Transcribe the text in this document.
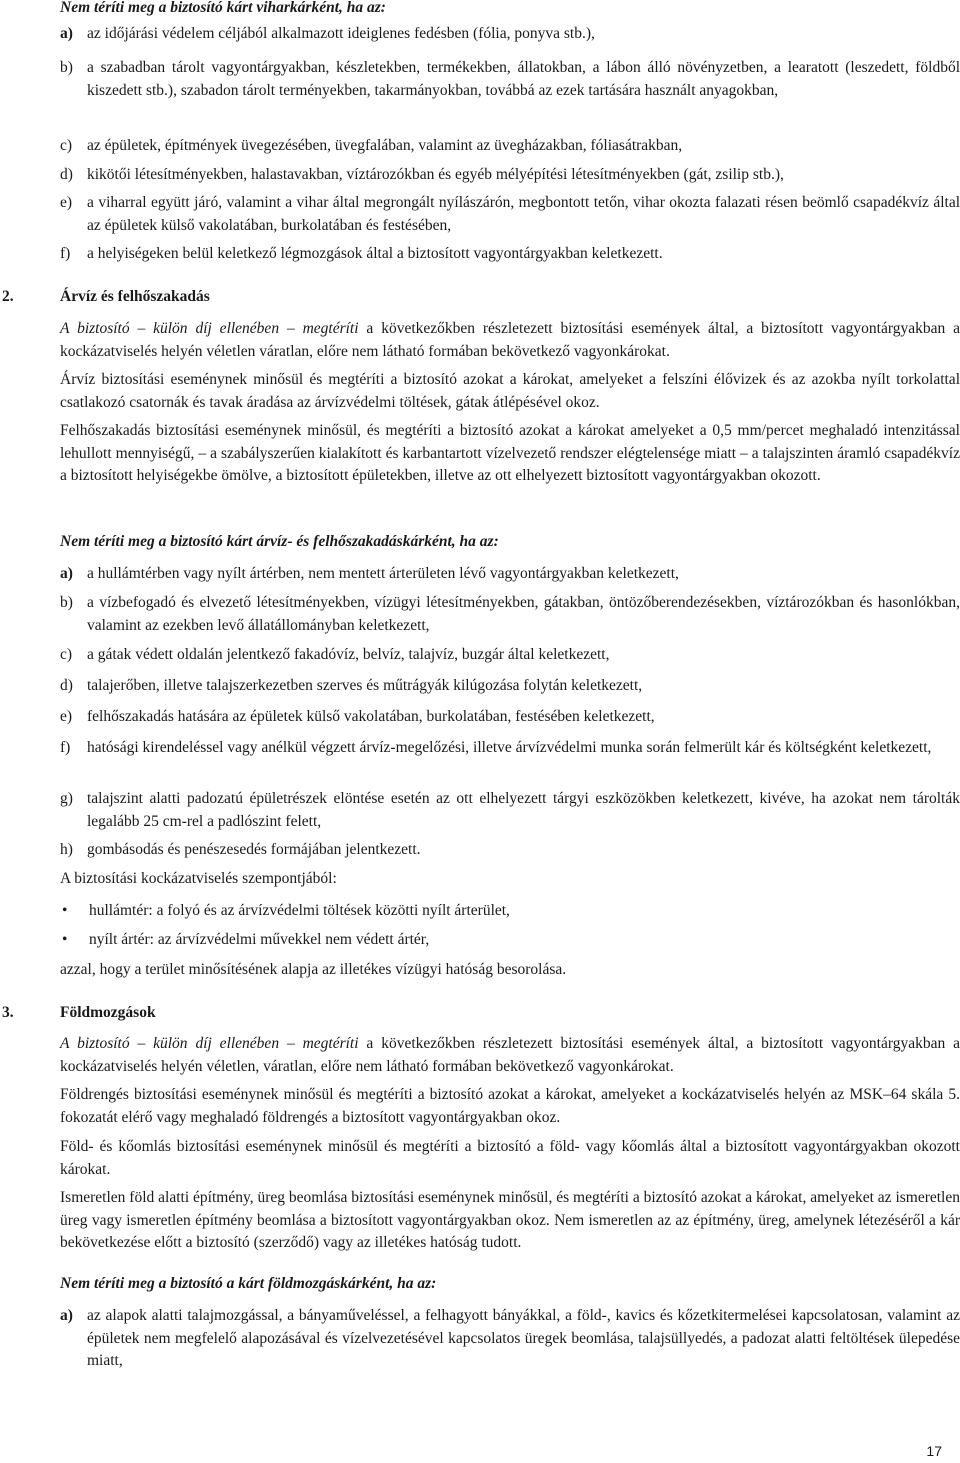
Nem téríti meg a biztosító kárt viharkárként, ha az:
a) az időjárási védelem céljából alkalmazott ideiglenes fedésben (fólia, ponyva stb.),
b) a szabadban tárolt vagyontárgyakban, készletekben, termékekben, állatokban, a lábon álló növényzetben, a learatott (leszedett, földből kiszedett stb.), szabadon tárolt terményekben, takarmányokban, továbbá az ezek tartására használt anyagokban,
c) az épületek, építmények üvegezésében, üvegfalában, valamint az üvegházakban, fóliasátrakban,
d) kikötői létesítményekben, halastavakban, víztározókban és egyéb mélyépítési létesítményekben (gát, zsilip stb.),
e) a viharral együtt járó, valamint a vihar által megrongált nyílászárón, megbontott tetőn, vihar okozta falazati résen beömlő csapadékvíz által az épületek külső vakolatában, burkolatában és festésében,
f)	a helyiségeken belül keletkező légmozgások által a biztosított vagyontárgyakban keletkezett.
2.	Árvíz és felhőszakadás
A biztosító – külön díj ellenében – megtéríti a következőkben részletezett biztosítási események által, a biztosított vagyontárgyakban a kockázatviselés helyén véletlen váratlan, előre nem látható formában bekövetkező vagyonkárokat.
Árvíz biztosítási eseménynek minősül és megtéríti a biztosító azokat a károkat, amelyeket a felszíni élővizek és az azokba nyílt torkolattal csatlakozó csatornák és tavak áradása az árvízvédelmi töltések, gátak átlépésével okoz.
Felhőszakadás biztosítási eseménynek minősül, és megtéríti a biztosító azokat a károkat amelyeket a 0,5 mm/percet meghaladó intenzitással lehullott mennyiségű, – a szabályszerűen kialakított és karbantartott vízelvezető rendszer elégtelensége miatt – a talajszinten áramló csapadékvíz a biztosított helyiségekbe ömölve, a biztosított épületekben, illetve az ott elhelyezett biztosított vagyontárgyakban okozott.
Nem téríti meg a biztosító kárt árvíz- és felhőszakadáskárként, ha az:
a) a hullámtérben vagy nyílt ártérben, nem mentett árterületen lévő vagyontárgyakban keletkezett,
b) a vízbefogadó és elvezető létesítményekben, vízügyi létesítményekben, gátakban, öntözőberendezésekben, víztározókban és hasonlókban, valamint az ezekben levő állatállományban keletkezett,
c) a gátak védett oldalán jelentkező fakadóvíz, belvíz, talajvíz, buzgár által keletkezett,
d) talajerőben, illetve talajszerkezetben szerves és műtrágyák kilúgozása folytán keletkezett,
e) felhőszakadás hatására az épületek külső vakolatában, burkolatában, festésében keletkezett,
f)	hatósági kirendeléssel vagy anélkül végzett árvíz-megelőzési, illetve árvízvédelmi munka során felmerült kár és költségként keletkezett,
g) talajszint alatti padozatú épületrészek elöntése esetén az ott elhelyezett tárgyi eszközökben keletkezett, kivéve, ha azokat nem tárolták legalább 25 cm-rel a padlószint felett,
h) gombásodás és penészesedés formájában jelentkezett.
A biztosítási kockázatviselés szempontjából:
•	hullámtér: a folyó és az árvízvédelmi töltések közötti nyílt árterület,
•	nyílt ártér: az árvízvédelmi művekkel nem védett ártér,
azzal, hogy a terület minősítésének alapja az illetékes vízügyi hatóság besorolása.
3.	Földmozgások
A biztosító – külön díj ellenében – megtéríti a következőkben részletezett biztosítási események által, a biztosított vagyontárgyakban a kockázatviselés helyén véletlen, váratlan, előre nem látható formában bekövetkező vagyonkárokat.
Földrengés biztosítási eseménynek minősül és megtéríti a biztosító azokat a károkat, amelyeket a kockázatviselés helyén az MSK–64 skála 5. fokozatát elérő vagy meghaladó földrengés a biztosított vagyontárgyakban okoz.
Föld- és kőomlás biztosítási eseménynek minősül és megtéríti a biztosító a föld- vagy kőomlás által a biztosított vagyontárgyakban okozott károkat.
Ismeretlen föld alatti építmény, üreg beomlása biztosítási eseménynek minősül, és megtéríti a biztosító azokat a károkat, amelyeket az ismeretlen üreg vagy ismeretlen építmény beomlása a biztosított vagyontárgyakban okoz. Nem ismeretlen az az építmény, üreg, amelynek létezéséről a kár bekövetkezése előtt a biztosító (szerződő) vagy az illetékes hatóság tudott.
Nem téríti meg a biztosító a kárt földmozgáskárként, ha az:
a) az alapok alatti talajmozgással, a bányaműveléssel, a felhagyott bányákkal, a föld-, kavics és kőzetkitermelései kapcsolatosan, valamint az épületek nem megfelelő alapozásával és vízelvezetésével kapcsolatos üregek beomlása, talajsüllyedés, a padozat alatti feltöltések ülepedése miatt,
17
